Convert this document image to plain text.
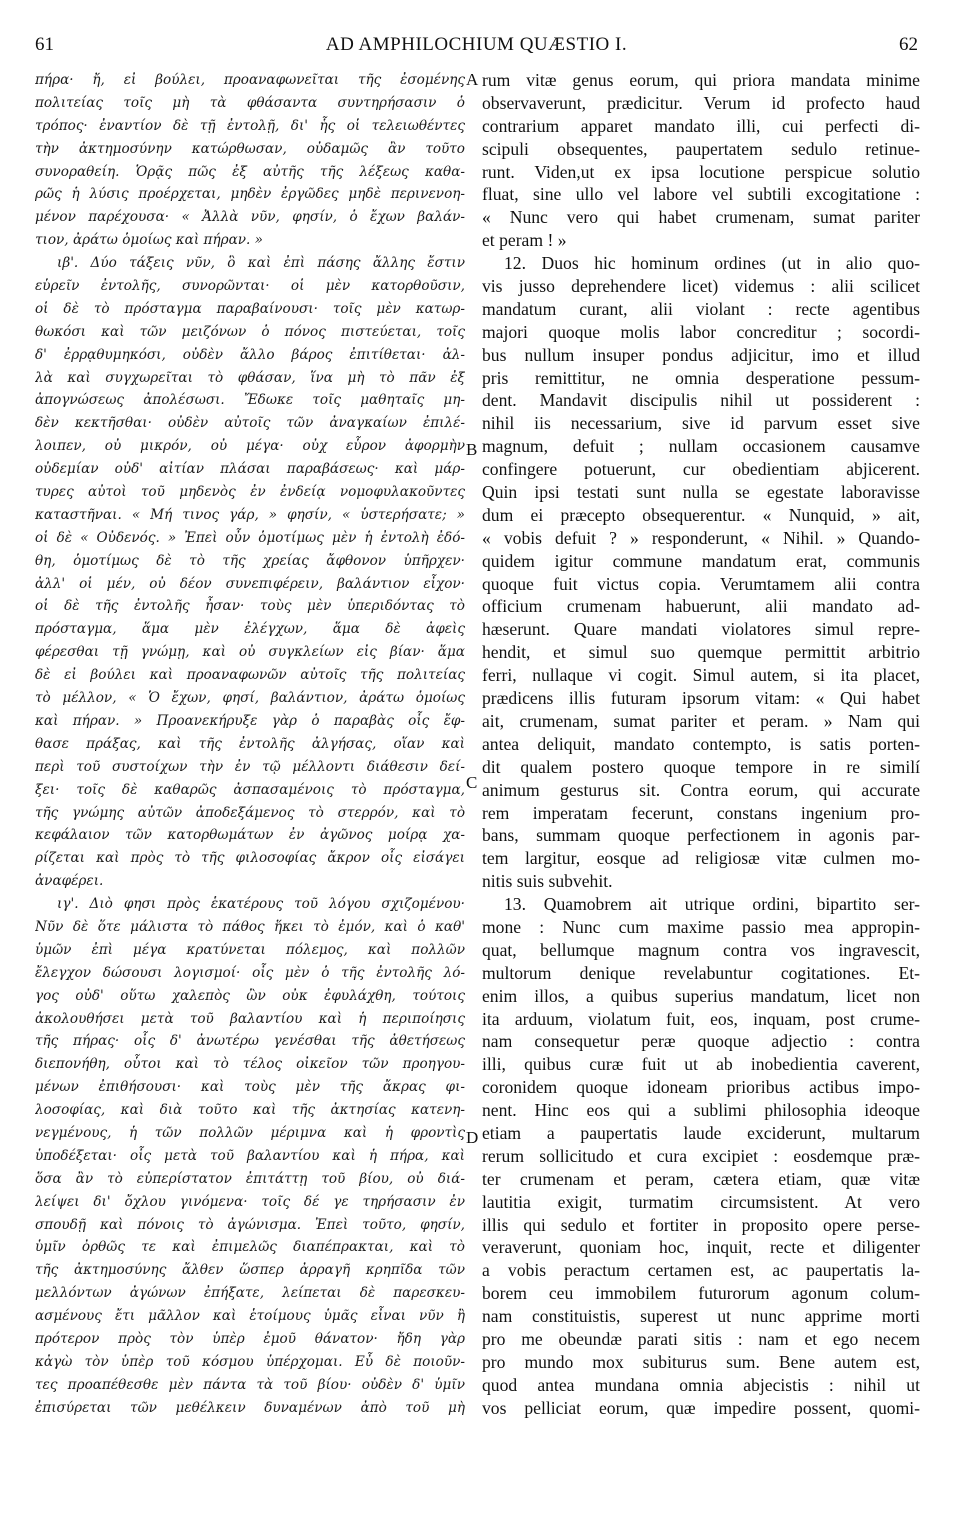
61	AD AMPHILOCHIUM QUÆSTIO I.	62
πήρα· ἤ, εἰ βούλει, προαναφωνεῖται τῆς ἐσομένης
πολιτείας τοῖς μὴ τὰ φθάσαντα συντηρήσασιν ὁ
τρόπος· ἐναντίον δὲ τῇ ἐντολῇ, δι' ἧς οἱ τελειωθέντες
τὴν ἀκτημοσύνην κατώρθωσαν, οὐδαμῶς ἂν τοῦτο
συνοραθείη. Ὁρᾷς πῶς ἐξ αὐτῆς τῆς λέξεως καθα-
ρῶς ἡ λύσις προέρχεται, μηδὲν ἐργῶδες μηδὲ περινενοη-
μένον παρέχουσα· « Ἀλλὰ νῦν, φησίν, ὁ ἔχων βαλάν-
τιον, ἀράτω ὁμοίως καὶ πήραν. »
ιβ'. Δύο τάξεις νῦν, ὃ καὶ ἐπὶ πάσης ἄλλης ἔστιν
εὑρεῖν ἐντολῆς, συνορῶνται· οἱ μὲν κατορθοῦσιν,
οἱ δὲ τὸ πρόσταγμα παραβαίνουσι· τοῖς μὲν κατωρ-
θωκόσι καὶ τῶν μειζόνων ὁ πόνος πιστεύεται, τοῖς
δ' ἐρρᾳθυμηκόσι, οὐδὲν ἄλλο βάρος ἐπιτίθεται· ἀλ-
λὰ καὶ συγχωρεῖται τὸ φθάσαν, ἵνα μὴ τὸ πᾶν ἐξ
ἀπογνώσεως ἀπολέσωσι. Ἔδωκε τοῖς μαθηταῖς μη-
δὲν κεκτῆσθαι· οὐδὲν αὐτοῖς τῶν ἀναγκαίων ἐπιλέ-
λοιπεν, οὐ μικρόν, οὐ μέγα· οὐχ εὗρον ἀφορμὴν
οὐδεμίαν οὐδ' αἰτίαν πλάσαι παραβάσεως· καὶ μάρ-
τυρες αὐτοὶ τοῦ μηδενὸς ἐν ἐνδείᾳ νομοφυλακοῦντες
καταστῆναι. « Μή τινος γάρ, » φησίν, « ὑστερήσατε; »
οἱ δὲ « Οὐδενός. » Ἐπεὶ οὖν ὁμοτίμως μὲν ἡ ἐντολὴ ἐδό-
θη, ὁμοτίμως δὲ τὸ τῆς χρείας ἄφθονον ὑπῆρχεν·
ἀλλ' οἱ μέν, οὐ δέον συνεπιφέρειν, βαλάντιον εἶχον·
οἱ δὲ τῆς ἐντολῆς ἦσαν· τοὺς μὲν ὑπεριδόντας τὸ
πρόσταγμα, ἅμα μὲν ἐλέγχων, ἅμα δὲ ἀφεὶς
φέρεσθαι τῇ γνώμῃ, καὶ οὐ συγκλείων εἰς βίαν· ἅμα
δὲ εἰ βούλει καὶ προαναφωνῶν αὐτοῖς τῆς πολιτείας
τὸ μέλλον, « Ὁ ἔχων, φησί, βαλάντιον, ἀράτω ὁμοίως
καὶ πήραν. » Προανεκήρυξε γὰρ ὁ παραβὰς οἷς ἔφ-
θασε πράξας, καὶ τῆς ἐντολῆς ἀλγήσας, οἵαν καὶ
περὶ τοῦ συστοίχων τὴν ἐν τῷ μέλλοντι διάθεσιν δεί-
ξει· τοῖς δὲ καθαρῶς ἀσπασαμένοις τὸ πρόσταγμα,
τῆς γνώμης αὐτῶν ἀποδεξάμενος τὸ στερρόν, καὶ τὸ
κεφάλαιον τῶν κατορθωμάτων ἐν ἀγῶνος μοίρᾳ χα-
ρίζεται καὶ πρὸς τὸ τῆς φιλοσοφίας ἄκρον οἷς εἰσάγει
ἀναφέρει.
ιγ'. Διὸ φησι πρὸς ἑκατέρους τοῦ λόγου σχιζομένου·
Νῦν δὲ ὅτε μάλιστα τὸ πάθος ἥκει τὸ ἐμόν, καὶ ὁ καθ'
ὑμῶν ἐπὶ μέγα κρατύνεται πόλεμος, καὶ πολλῶν
ἔλεγχον δώσουσι λογισμοί· οἷς μὲν ὁ τῆς ἐντολῆς λό-
γος οὐδ' οὕτω χαλεπὸς ὢν οὐκ ἐφυλάχθη, τούτοις
ἀκολουθήσει μετὰ τοῦ βαλαντίου καὶ ἡ περιποίησις
τῆς πήρας· οἷς δ' ἀνωτέρω γενέσθαι τῆς ἀθετήσεως
διεπονήθη, οὗτοι καὶ τὸ τέλος οἰκεῖον τῶν προηγου-
μένων ἐπιθήσουσι· καὶ τοὺς μὲν τῆς ἄκρας φι-
λοσοφίας, καὶ διὰ τοῦτο καὶ τῆς ἀκτησίας κατενη-
νεγμένους, ἡ τῶν πολλῶν μέριμνα καὶ ἡ φροντὶς
ὑποδέξεται· οἷς μετὰ τοῦ βαλαντίου καὶ ἡ πήρα, καὶ
ὅσα ἂν τὸ εὐπερίστατον ἐπιτάττῃ τοῦ βίου, οὐ διά-
λείψει δι' ὄχλου γινόμενα· τοῖς δέ γε τηρήσασιν ἐν
σπουδῇ καὶ πόνοις τὸ ἀγώνισμα. Ἐπεὶ τοῦτο, φησίν,
ὑμῖν ὀρθῶς τε καὶ ἐπιμελῶς διαπέπρακται, καὶ τὸ
τῆς ἀκτημοσύνης ἄλθεν ὥσπερ ἀρραγῆ κρηπῖδα τῶν
μελλόντων ἀγώνων ἐπήξατε, λείπεται δὲ παρεσκευ-
ασμένους ἔτι μᾶλλον καὶ ἑτοίμους ὑμᾶς εἶναι νῦν ἢ
πρότερον πρὸς τὸν ὑπὲρ ἐμοῦ θάνατον· ἤδη γὰρ
κἀγὼ τὸν ὑπὲρ τοῦ κόσμου ὑπέρχομαι. Εὖ δὲ ποιοῦν-
τες προαπέθεσθε μὲν πάντα τὰ τοῦ βίου· οὐδὲν δ' ὑμῖν
ἐπισύρεται τῶν μεθέλκειν δυναμένων ἀπὸ τοῦ μὴ
rum vitæ genus eorum, qui priora mandata minime
observaverunt, prædicitur. Verum id profecto haud
contrarium apparet mandato illi, cui perfecti di-
scipuli obsequentes, paupertatem sedulo retinue-
runt. Viden,ut ex ipsa locutione perspicue solutio
fluat, sine ullo vel labore vel subtili excogitatione :
« Nunc vero qui habet crumenam, sumat pariter
et peram ! »
12. Duos hic hominum ordines (ut in alio quo-
vis jusso deprehendere licet) videmus : alii scilicet
mandatum curant, alii violant : recte agentibus
majori quoque molis labor concreditur ; socordi-
bus nullum insuper pondus adjicitur, imo et illud
pris remittitur, ne omnia desperatione pessum-
dent. Mandavit discipulis nihil ut possiderent :
nihil iis necessarium, sive id parvum esset sive
magnum, defuit ; nullam occasionem causamve
confingere potuerunt, cur obedientiam abjicerent.
Quin ipsi testati sunt nulla se egestate laboravisse
dum ei præcepto obsequerentur. « Nunquid, » ait,
« vobis defuit ? » responderunt, « Nihil. » Quando-
quidem igitur commune mandatum erat, communis
quoque fuit victus copia. Verumtamem alii contra
officium crumenam habuerunt, alii mandato ad-
hæserunt. Quare mandati violatores simul repre-
hendit, et simul suo quemque permittit arbitrio
ferri, nullaque vi cogit. Simul autem, si ita placet,
prædicens illis futuram ipsorum vitam: « Qui habet
ait, crumenam, sumat pariter et peram. » Nam qui
antea deliquit, mandato contempto, is satis porten-
dit qualem postero quoque tempore in re similí
animum gesturus sit. Contra eorum, qui accurate
rem imperatam fecerunt, constans ingenium pro-
bans, summam quoque perfectionem in agonis par-
tem largitur, eosque ad religiosæ vitæ culmen mo-
nitis suis subvehit.
13. Quamobrem ait utrique ordini, bipartito ser-
mone : Nunc cum maxime passio mea appropin-
quat, bellumque magnum contra vos ingravescit,
multorum denique revelabuntur cogitationes. Et-
enim illos, a quibus superius mandatum, licet non
ita arduum, violatum fuit, eos, inquam, post crume-
nam consequetur peræ quoque adjectio : contra
illi, quibus curæ fuit ut ab inobedientia caverent,
coronidem quoque idoneam prioribus actibus impo-
nent. Hinc eos qui a sublimi philosophia ideoque
etiam a paupertatis laude exciderunt, multarum
rerum sollicitudo et cura excipiet : eosdemque præ-
ter crumenam et peram, cætera etiam, quæ vitæ
lautitia exigit, turmatim circumsistent. At vero
illis qui sedulo et fortiter in proposito opere perse-
veraverunt, quoniam hoc, inquit, recte et diligenter
a vobis peractum certamen est, ac paupertatis la-
borem ceu immobilem futurorum agonum colum-
nam constituistis, superest ut nunc apprime morti
pro me obeundæ parati sitis : nam et ego necem
pro mundo mox subiturus sum. Bene autem est,
quod antea mundana omnia abjecistis : nihil ut
vos pelliciat eorum, quæ impedire possent, quomi-
A
B
C
D
